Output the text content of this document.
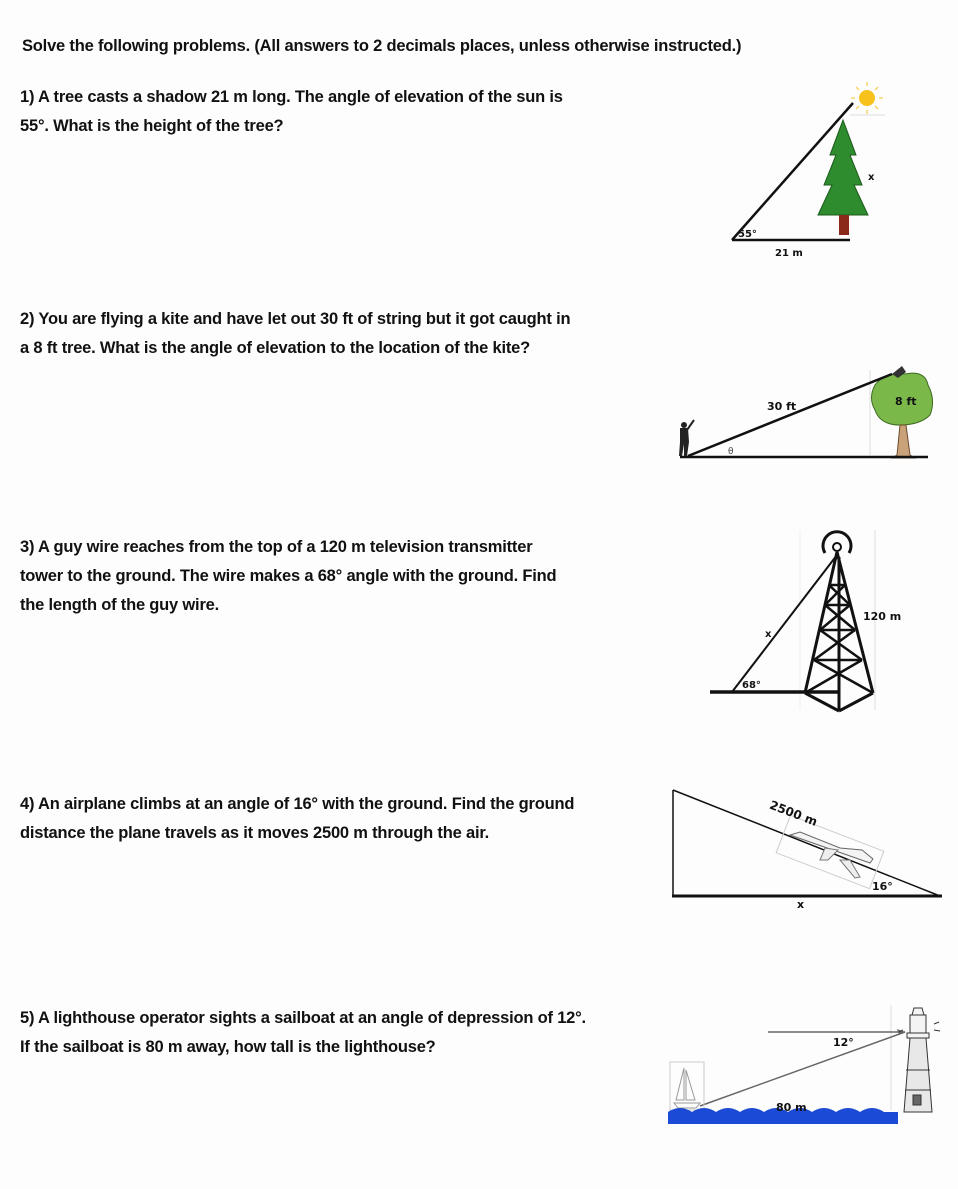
Solve the following problems. (All answers to 2 decimals places, unless otherwise instructed.)

1) A tree casts a shadow 21 m long. The angle of elevation of the sun is

55°. What is the height of the tree?

x
55°
21 m

2) You are flying a kite and have let out 30 ft of string but it got caught in

a 8 ft tree. What is the angle of elevation to the location of the kite?

30 ft	8 ft
θ

3) A guy wire reaches from the top of a 120 m television transmitter

tower to the ground. The wire makes a 68° angle with the ground. Find

the length of the guy wire.

120 m
x
68°

4) An airplane climbs at an angle of 16° with the ground. Find the ground

distance the plane travels as it moves 2500 m through the air.

2500 m
16°
x

5) A lighthouse operator sights a sailboat at an angle of depression of 12°.

If the sailboat is 80 m away, how tall is the lighthouse?	12°
80 m
